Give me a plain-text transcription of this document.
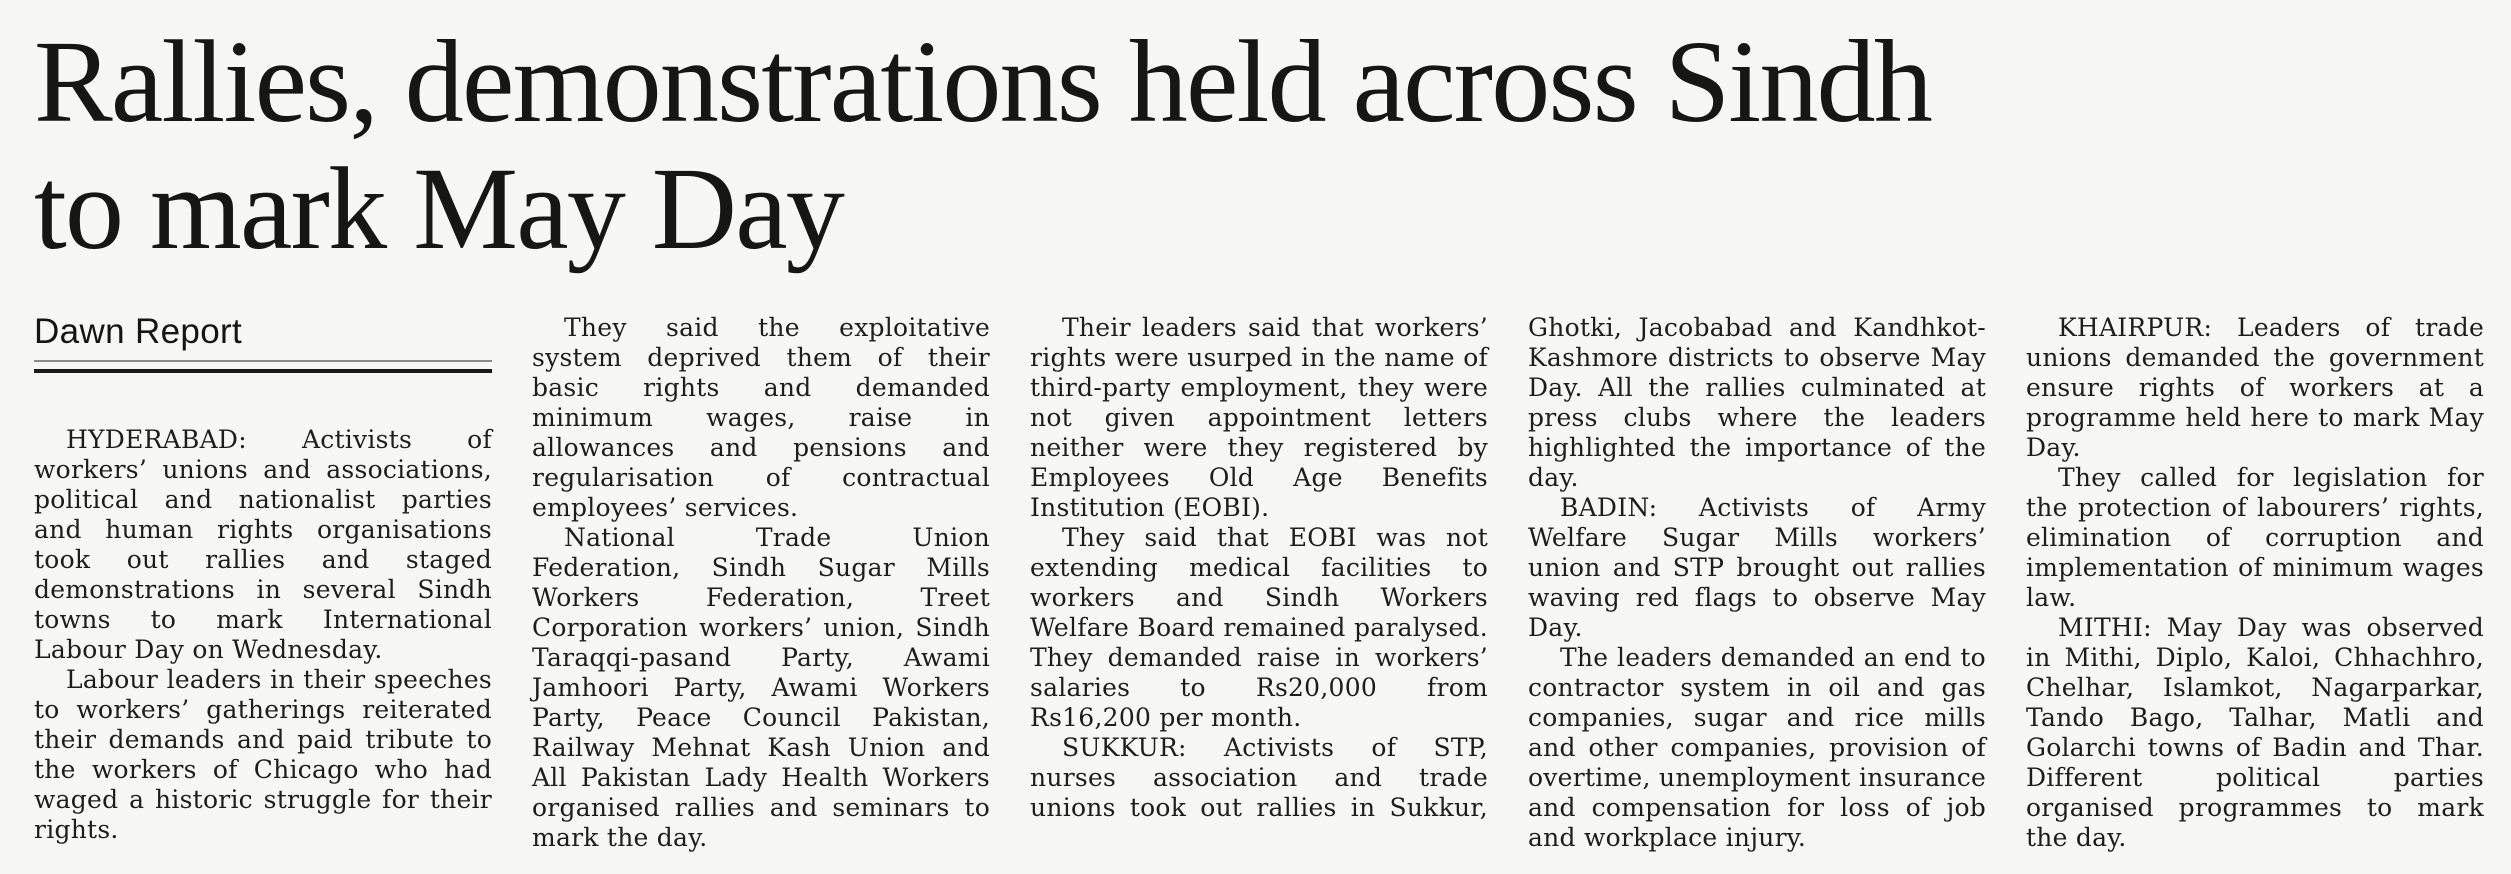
Rallies, demonstrations held across Sindh
to mark May Day
Dawn Report

HYDERABAD: Activists of workers’ unions and associations, political and nationalist parties and human rights organisations took out rallies and staged demonstrations in several Sindh towns to mark International Labour Day on Wednesday.

Labour leaders in their speeches to workers’ gatherings reiterated their demands and paid tribute to the workers of Chicago who had waged a historic struggle for their rights.

They said the exploitative system deprived them of their basic rights and demanded minimum wages, raise in allowances and pensions and regularisation of contractual employees’ services.

National Trade Union Federation, Sindh Sugar Mills Workers Federation, Treet Corporation workers’ union, Sindh Taraqqi-pasand Party, Awami Jamhoori Party, Awami Workers Party, Peace Council Pakistan, Railway Mehnat Kash Union and All Pakistan Lady Health Workers organised rallies and seminars to mark the day.

Their leaders said that workers’ rights were usurped in the name of third-party employment, they were not given appointment letters neither were they registered by Employees Old Age Benefits Institution (EOBI).

They said that EOBI was not extending medical facilities to workers and Sindh Workers Welfare Board remained paralysed. They demanded raise in workers’ salaries to Rs20,000 from Rs16,200 per month.

SUKKUR: Activists of STP, nurses association and trade unions took out rallies in Sukkur,

Ghotki, Jacobabad and Kandhkot-Kashmore districts to observe May Day. All the rallies culminated at press clubs where the leaders highlighted the importance of the day.

BADIN: Activists of Army Welfare Sugar Mills workers’ union and STP brought out rallies waving red flags to observe May Day.

The leaders demanded an end to contractor system in oil and gas companies, sugar and rice mills and other companies, provision of overtime, unemployment insurance and compensation for loss of job and workplace injury.

KHAIRPUR: Leaders of trade unions demanded the government ensure rights of workers at a programme held here to mark May Day.

They called for legislation for the protection of labourers’ rights, elimination of corruption and implementation of minimum wages law.

MITHI: May Day was observed in Mithi, Diplo, Kaloi, Chhachhro, Chelhar, Islamkot, Nagarparkar, Tando Bago, Talhar, Matli and Golarchi towns of Badin and Thar. Different political parties organised programmes to mark the day.
